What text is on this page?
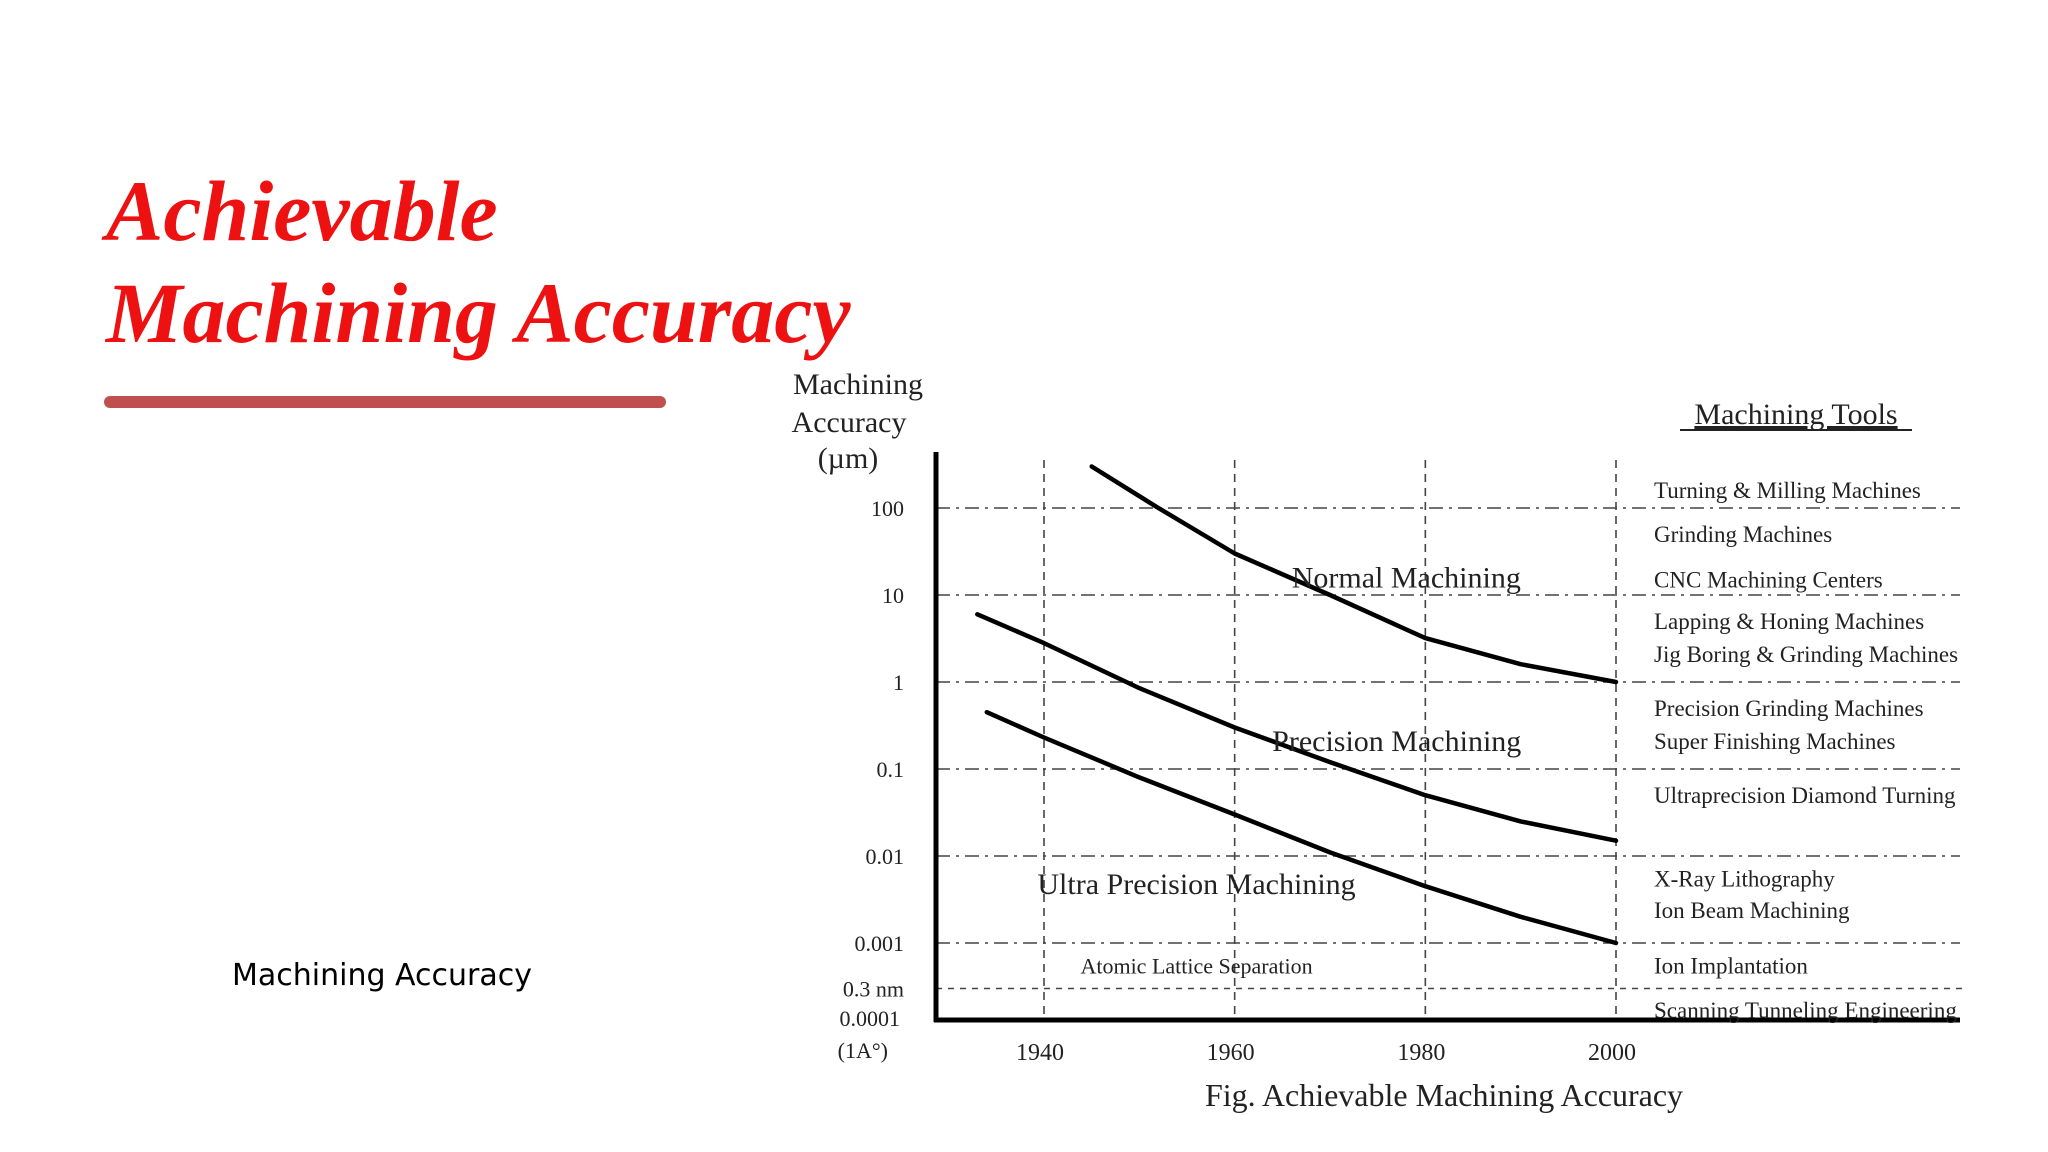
Achievable
Machining Accuracy
Machining Accuracy
100
10
1
0.1
0.01
0.001
0.3 nm
0.0001
(1A°)	1940	1960	1980	2000
Machining
Accuracy
(µm)
Normal Machining
Precision Machining
Ultra Precision Machining
Atomic Lattice Separation
Machining Tools
Turning & Milling Machines
Grinding Machines
CNC Machining Centers
Lapping & Honing Machines
Jig Boring & Grinding Machines
Precision Grinding Machines
Super Finishing Machines
Ultraprecision Diamond Turning
X-Ray Lithography
Ion Beam Machining
Ion Implantation
Scanning Tunneling Engineering
Fig. Achievable Machining Accuracy
